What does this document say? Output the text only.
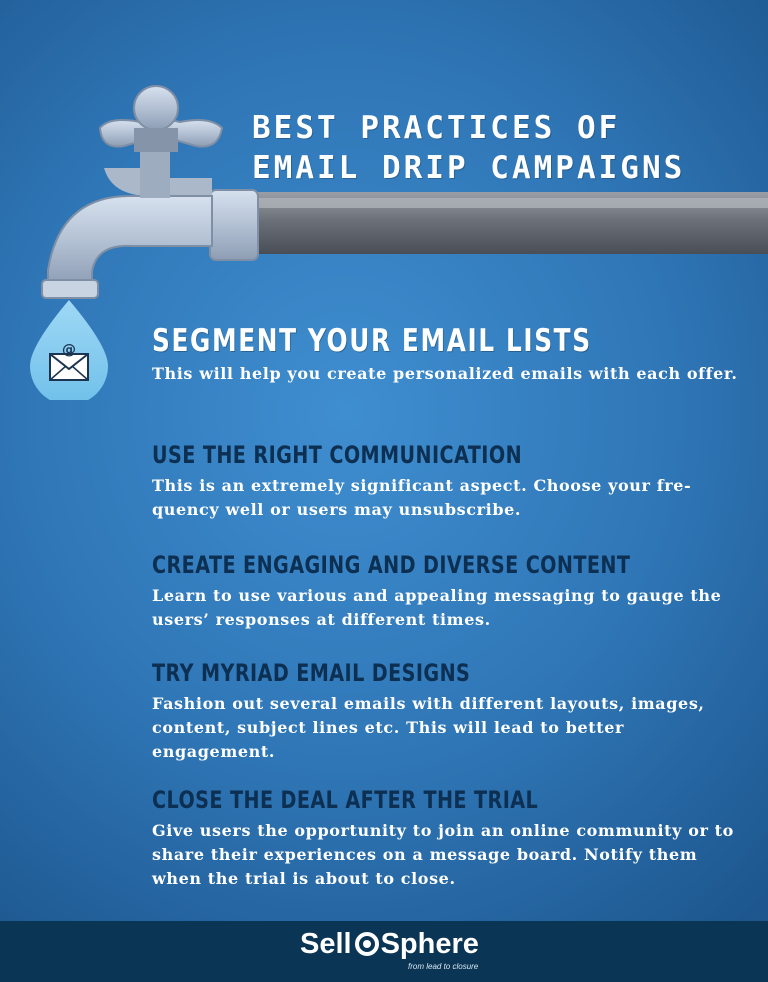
@
BEST PRACTICES OF EMAIL DRIP CAMPAIGNS
SEGMENT YOUR EMAIL LISTS

This will help you create personalized emails with each offer.

USE THE RIGHT COMMUNICATION

This is an extremely significant aspect. Choose your fre- quency well or users may unsubscribe.

CREATE ENGAGING AND DIVERSE CONTENT

Learn to use various and appealing messaging to gauge the users’ responses at different times.

TRY MYRIAD EMAIL DESIGNS

Fashion out several emails with different layouts, images, content, subject lines etc. This will lead to better engagement.

CLOSE THE DEAL AFTER THE TRIAL

Give users the opportunity to join an online community or to share their experiences on a message board. Notify them when the trial is about to close.

Sell Sphere
from lead to closure
